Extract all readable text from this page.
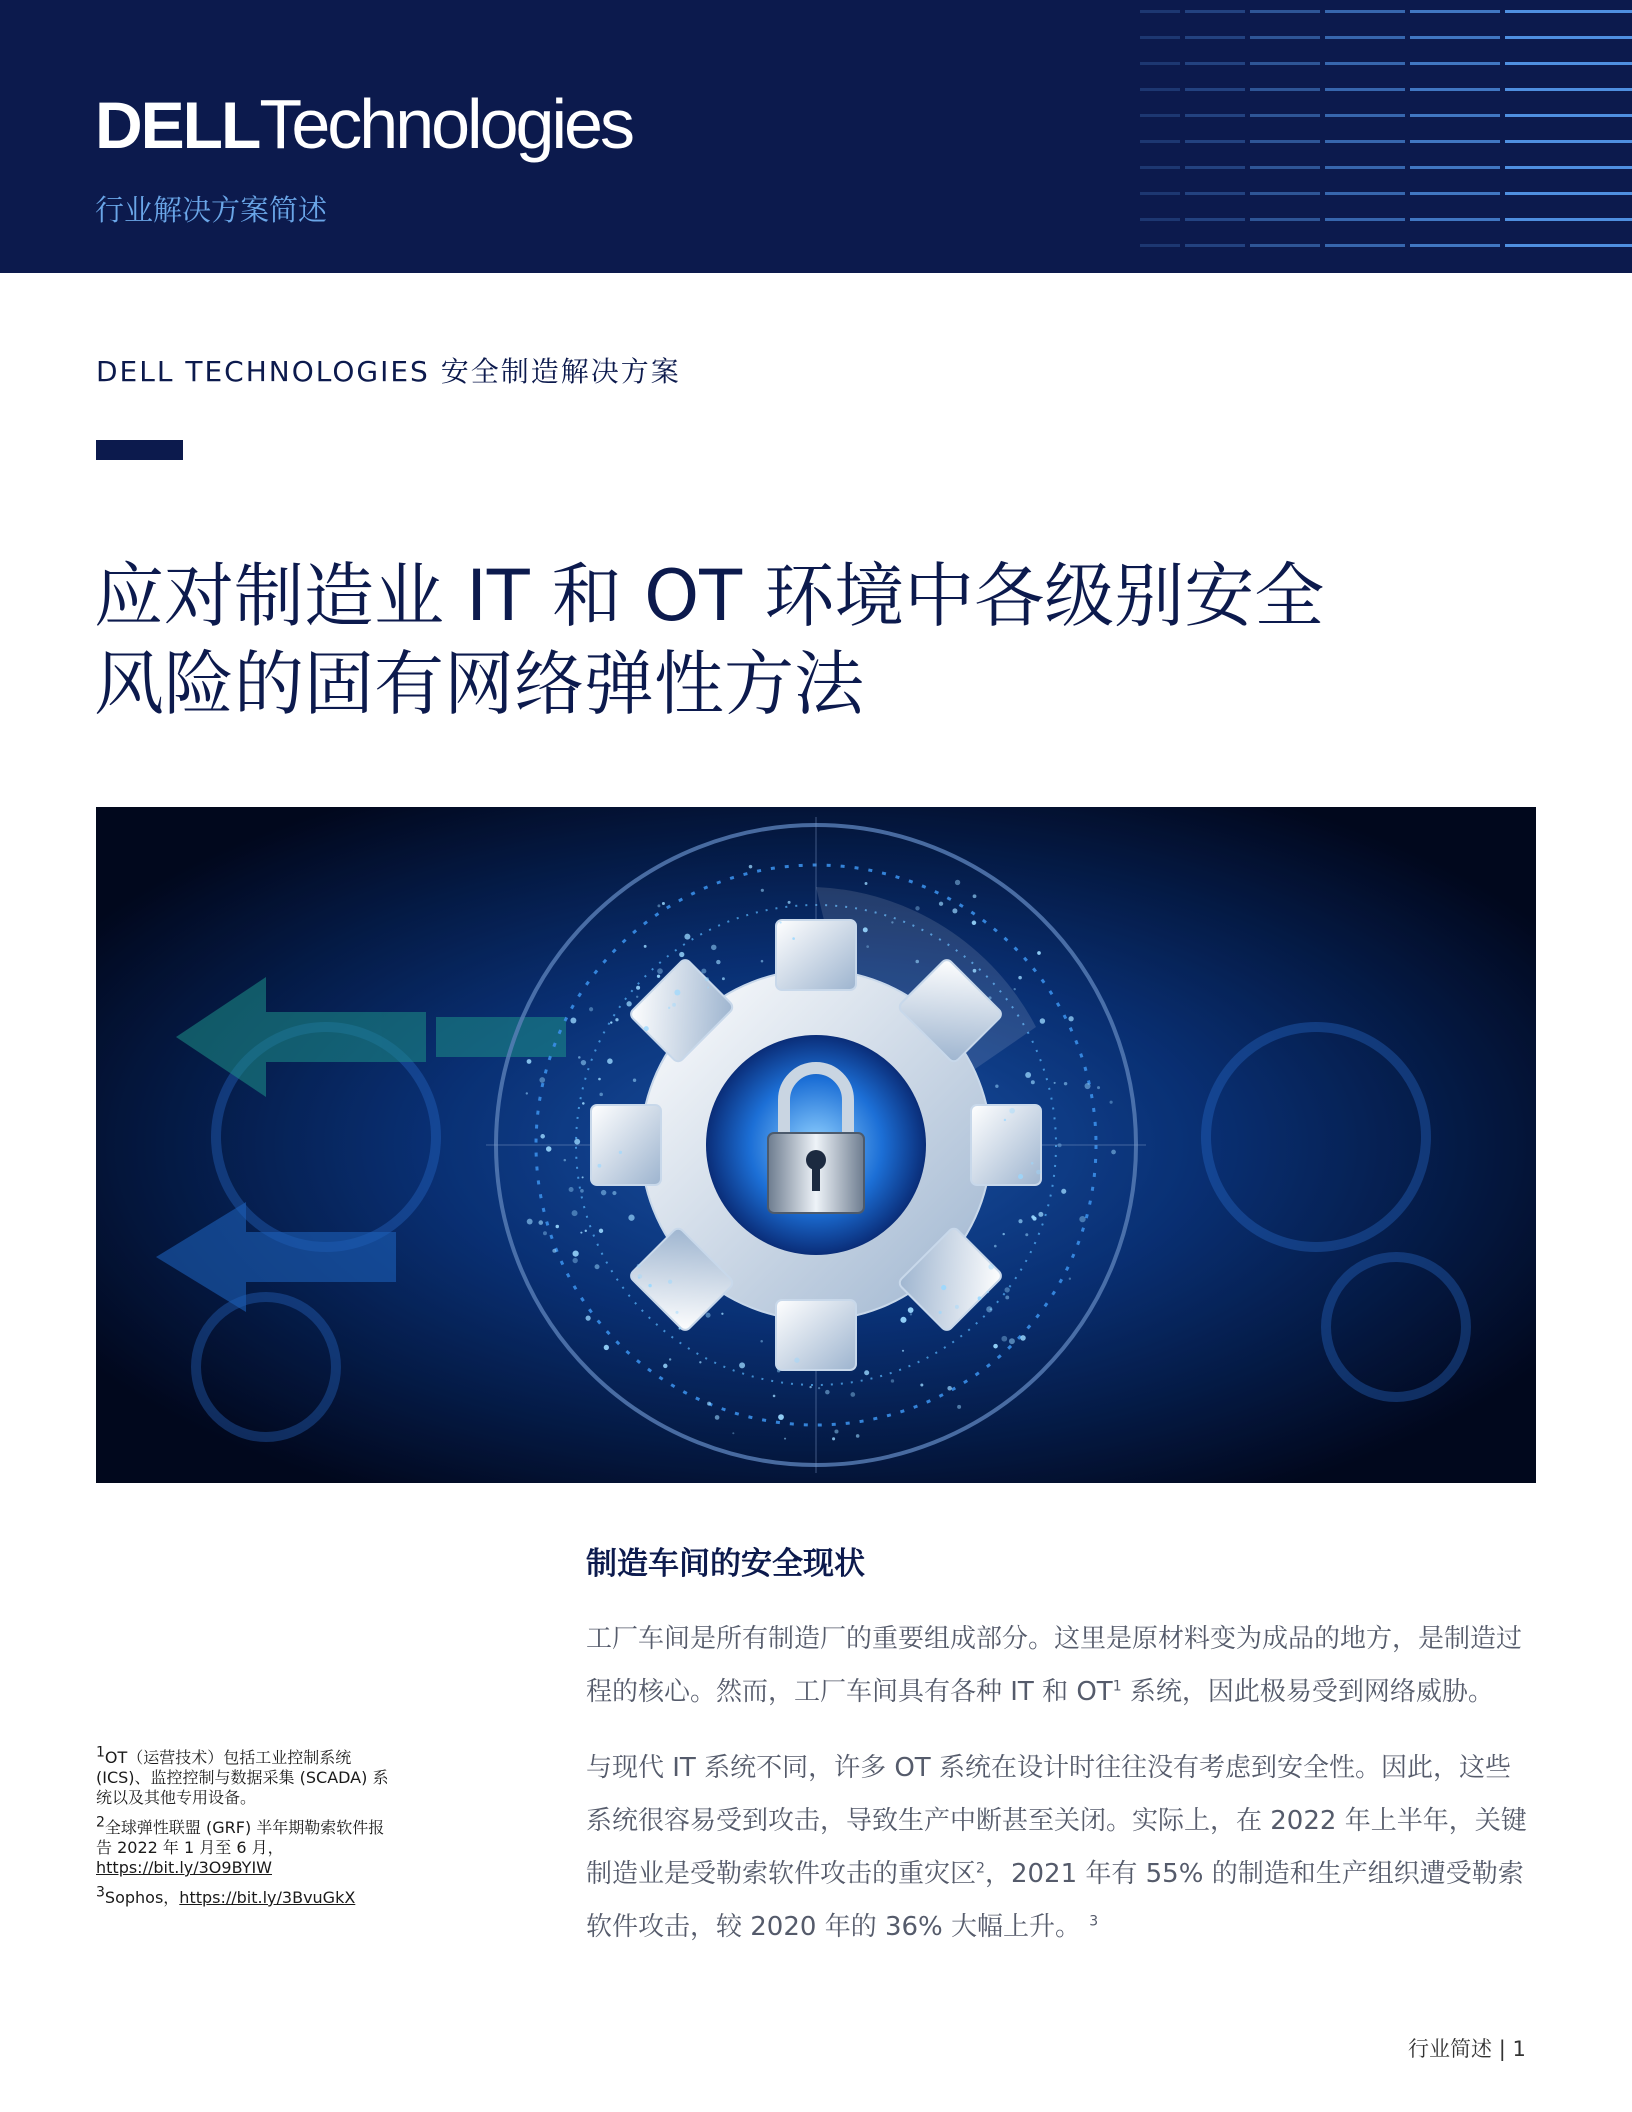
DELL Technologies
行业解决方案简述
DELL TECHNOLOGIES 安全制造解决方案
应对制造业 IT 和 OT 环境中各级别安全
风险的固有网络弹性方法
制造车间的安全现状

工厂车间是所有制造厂的重要组成部分。这里是原材料变为成品的地方，是制造过程的核心。然而，工厂车间具有各种 IT 和 $OT^1$ 系统，因此极易受到网络威胁。

与现代 IT 系统不同，许多 OT 系统在设计时往往没有考虑到安全性。因此，这些系统很容易受到攻击，导致生产中断甚至关闭。实际上，在 2022 年上半年，关键制造业是受勒索软件攻击的重灾区$^2$，2021 年有 55% 的制造和生产组织遭受勒索软件攻击，较 2020 年的 36% 大幅上升。 $^3$

$^1$OT（运营技术）包括工业控制系统 (ICS)、监控控制与数据采集 (SCADA) 系统以及其他专用设备。

$^2$全球弹性联盟 (GRF) 半年期勒索软件报告 2022 年 1 月至 6 月，https://bit.ly/3O9BYIW

$^3$Sophos，https://bit.ly/3BvuGkX

行业简述 | 1
